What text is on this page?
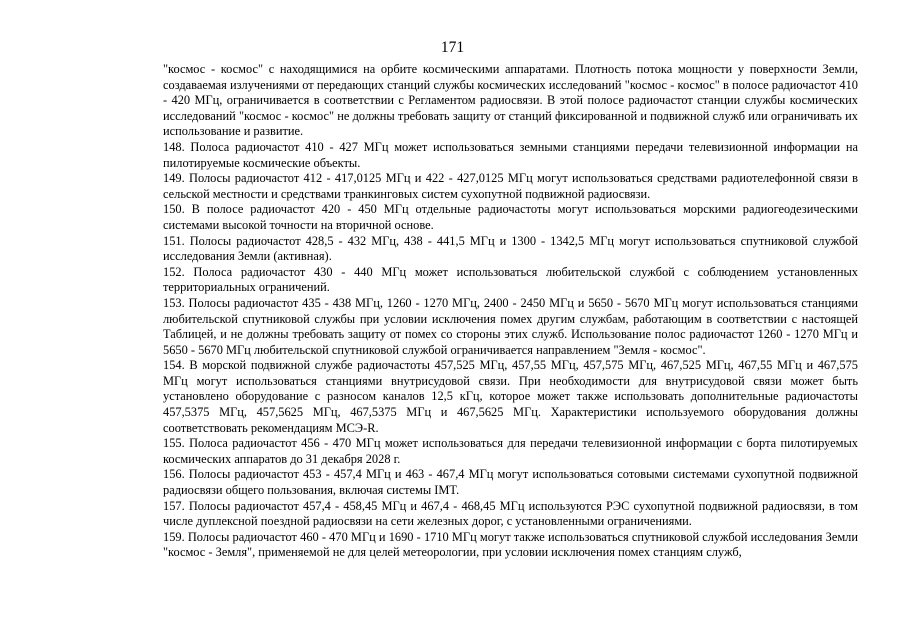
171

"космос - космос" с находящимися на орбите космическими аппаратами. Плотность потока мощности у поверхности Земли, создаваемая излучениями от передающих станций службы космических исследований "космос - космос" в полосе радиочастот 410 - 420 МГц, ограничивается в соответствии с Регламентом радиосвязи. В этой полосе радиочастот станции службы космических исследований "космос - космос" не должны требовать защиту от станций фиксированной и подвижной служб или ограничивать их использование и развитие.

148. Полоса радиочастот 410 - 427 МГц может использоваться земными станциями передачи телевизионной информации на пилотируемые космические объекты.

149. Полосы радиочастот 412 - 417,0125 МГц и 422 - 427,0125 МГц могут использоваться средствами радиотелефонной связи в сельской местности и средствами транкинговых систем сухопутной подвижной радиосвязи.

150. В полосе радиочастот 420 - 450 МГц отдельные радиочастоты могут использоваться морскими радиогеодезическими системами высокой точности на вторичной основе.

151. Полосы радиочастот 428,5 - 432 МГц, 438 - 441,5 МГц и 1300 - 1342,5 МГц могут использоваться спутниковой службой исследования Земли (активная).

152. Полоса радиочастот 430 - 440 МГц может использоваться любительской службой с соблюдением установленных территориальных ограничений.

153. Полосы радиочастот 435 - 438 МГц, 1260 - 1270 МГц, 2400 - 2450 МГц и 5650 - 5670 МГц могут использоваться станциями любительской спутниковой службы при условии исключения помех другим службам, работающим в соответствии с настоящей Таблицей, и не должны требовать защиту от помех со стороны этих служб. Использование полос радиочастот 1260 - 1270 МГц и 5650 - 5670 МГц любительской спутниковой службой ограничивается направлением "Земля - космос".

154. В морской подвижной службе радиочастоты 457,525 МГц, 457,55 МГц, 457,575 МГц, 467,525 МГц, 467,55 МГц и 467,575 МГц могут использоваться станциями внутрисудовой связи. При необходимости для внутрисудовой связи может быть установлено оборудование с разносом каналов 12,5 кГц, которое может также использовать дополнительные радиочастоты 457,5375 МГц, 457,5625 МГц, 467,5375 МГц и 467,5625 МГц. Характеристики используемого оборудования должны соответствовать рекомендациям МСЭ-R.

155. Полоса радиочастот 456 - 470 МГц может использоваться для передачи телевизионной информации с борта пилотируемых космических аппаратов до 31 декабря 2028 г.

156. Полосы радиочастот 453 - 457,4 МГц и 463 - 467,4 МГц могут использоваться сотовыми системами сухопутной подвижной радиосвязи общего пользования, включая системы IMT.

157. Полосы радиочастот 457,4 - 458,45 МГц и 467,4 - 468,45 МГц используются РЭС сухопутной подвижной радиосвязи, в том числе дуплексной поездной радиосвязи на сети железных дорог, с установленными ограничениями.

159. Полосы радиочастот 460 - 470 МГц и 1690 - 1710 МГц могут также использоваться спутниковой службой исследования Земли "космос - Земля", применяемой не для целей метеорологии, при условии исключения помех станциям служб,
